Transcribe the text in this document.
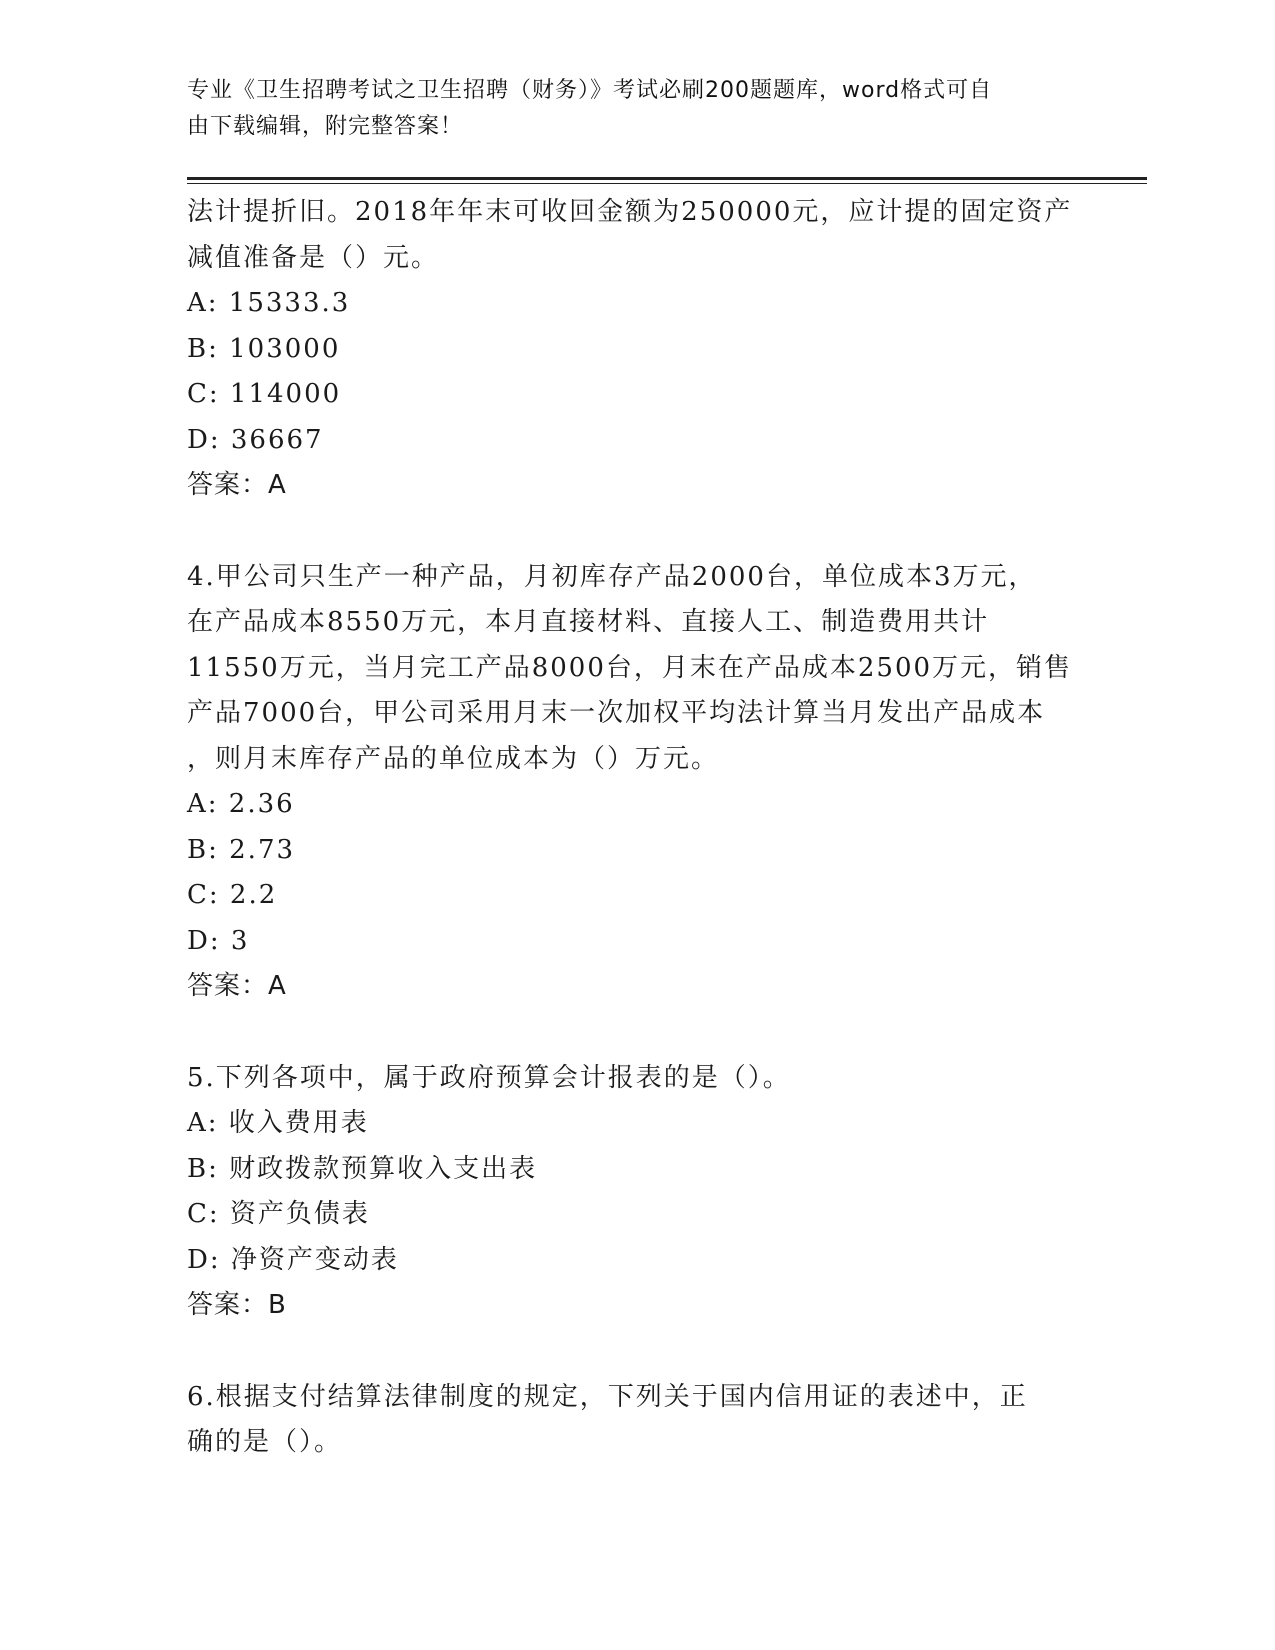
专业《卫生招聘考试之卫生招聘（财务）》考试必刷200题题库，word格式可自
由下载编辑，附完整答案！
法计提折旧。2018年年末可收回金额为250000元，应计提的固定资产
减值准备是（）元。
A: 15333.3
B: 103000
C: 114000
D: 36667
答案：A
4.甲公司只生产一种产品，月初库存产品2000台，单位成本3万元，
在产品成本8550万元，本月直接材料、直接人工、制造费用共计
11550万元，当月完工产品8000台，月末在产品成本2500万元，销售
产品7000台，甲公司采用月末一次加权平均法计算当月发出产品成本
，则月末库存产品的单位成本为（）万元。
A: 2.36
B: 2.73
C: 2.2
D: 3
答案：A
5.下列各项中，属于政府预算会计报表的是（）。
A: 收入费用表
B: 财政拨款预算收入支出表
C: 资产负债表
D: 净资产变动表
答案：B
6.根据支付结算法律制度的规定，下列关于国内信用证的表述中，正
确的是（）。
